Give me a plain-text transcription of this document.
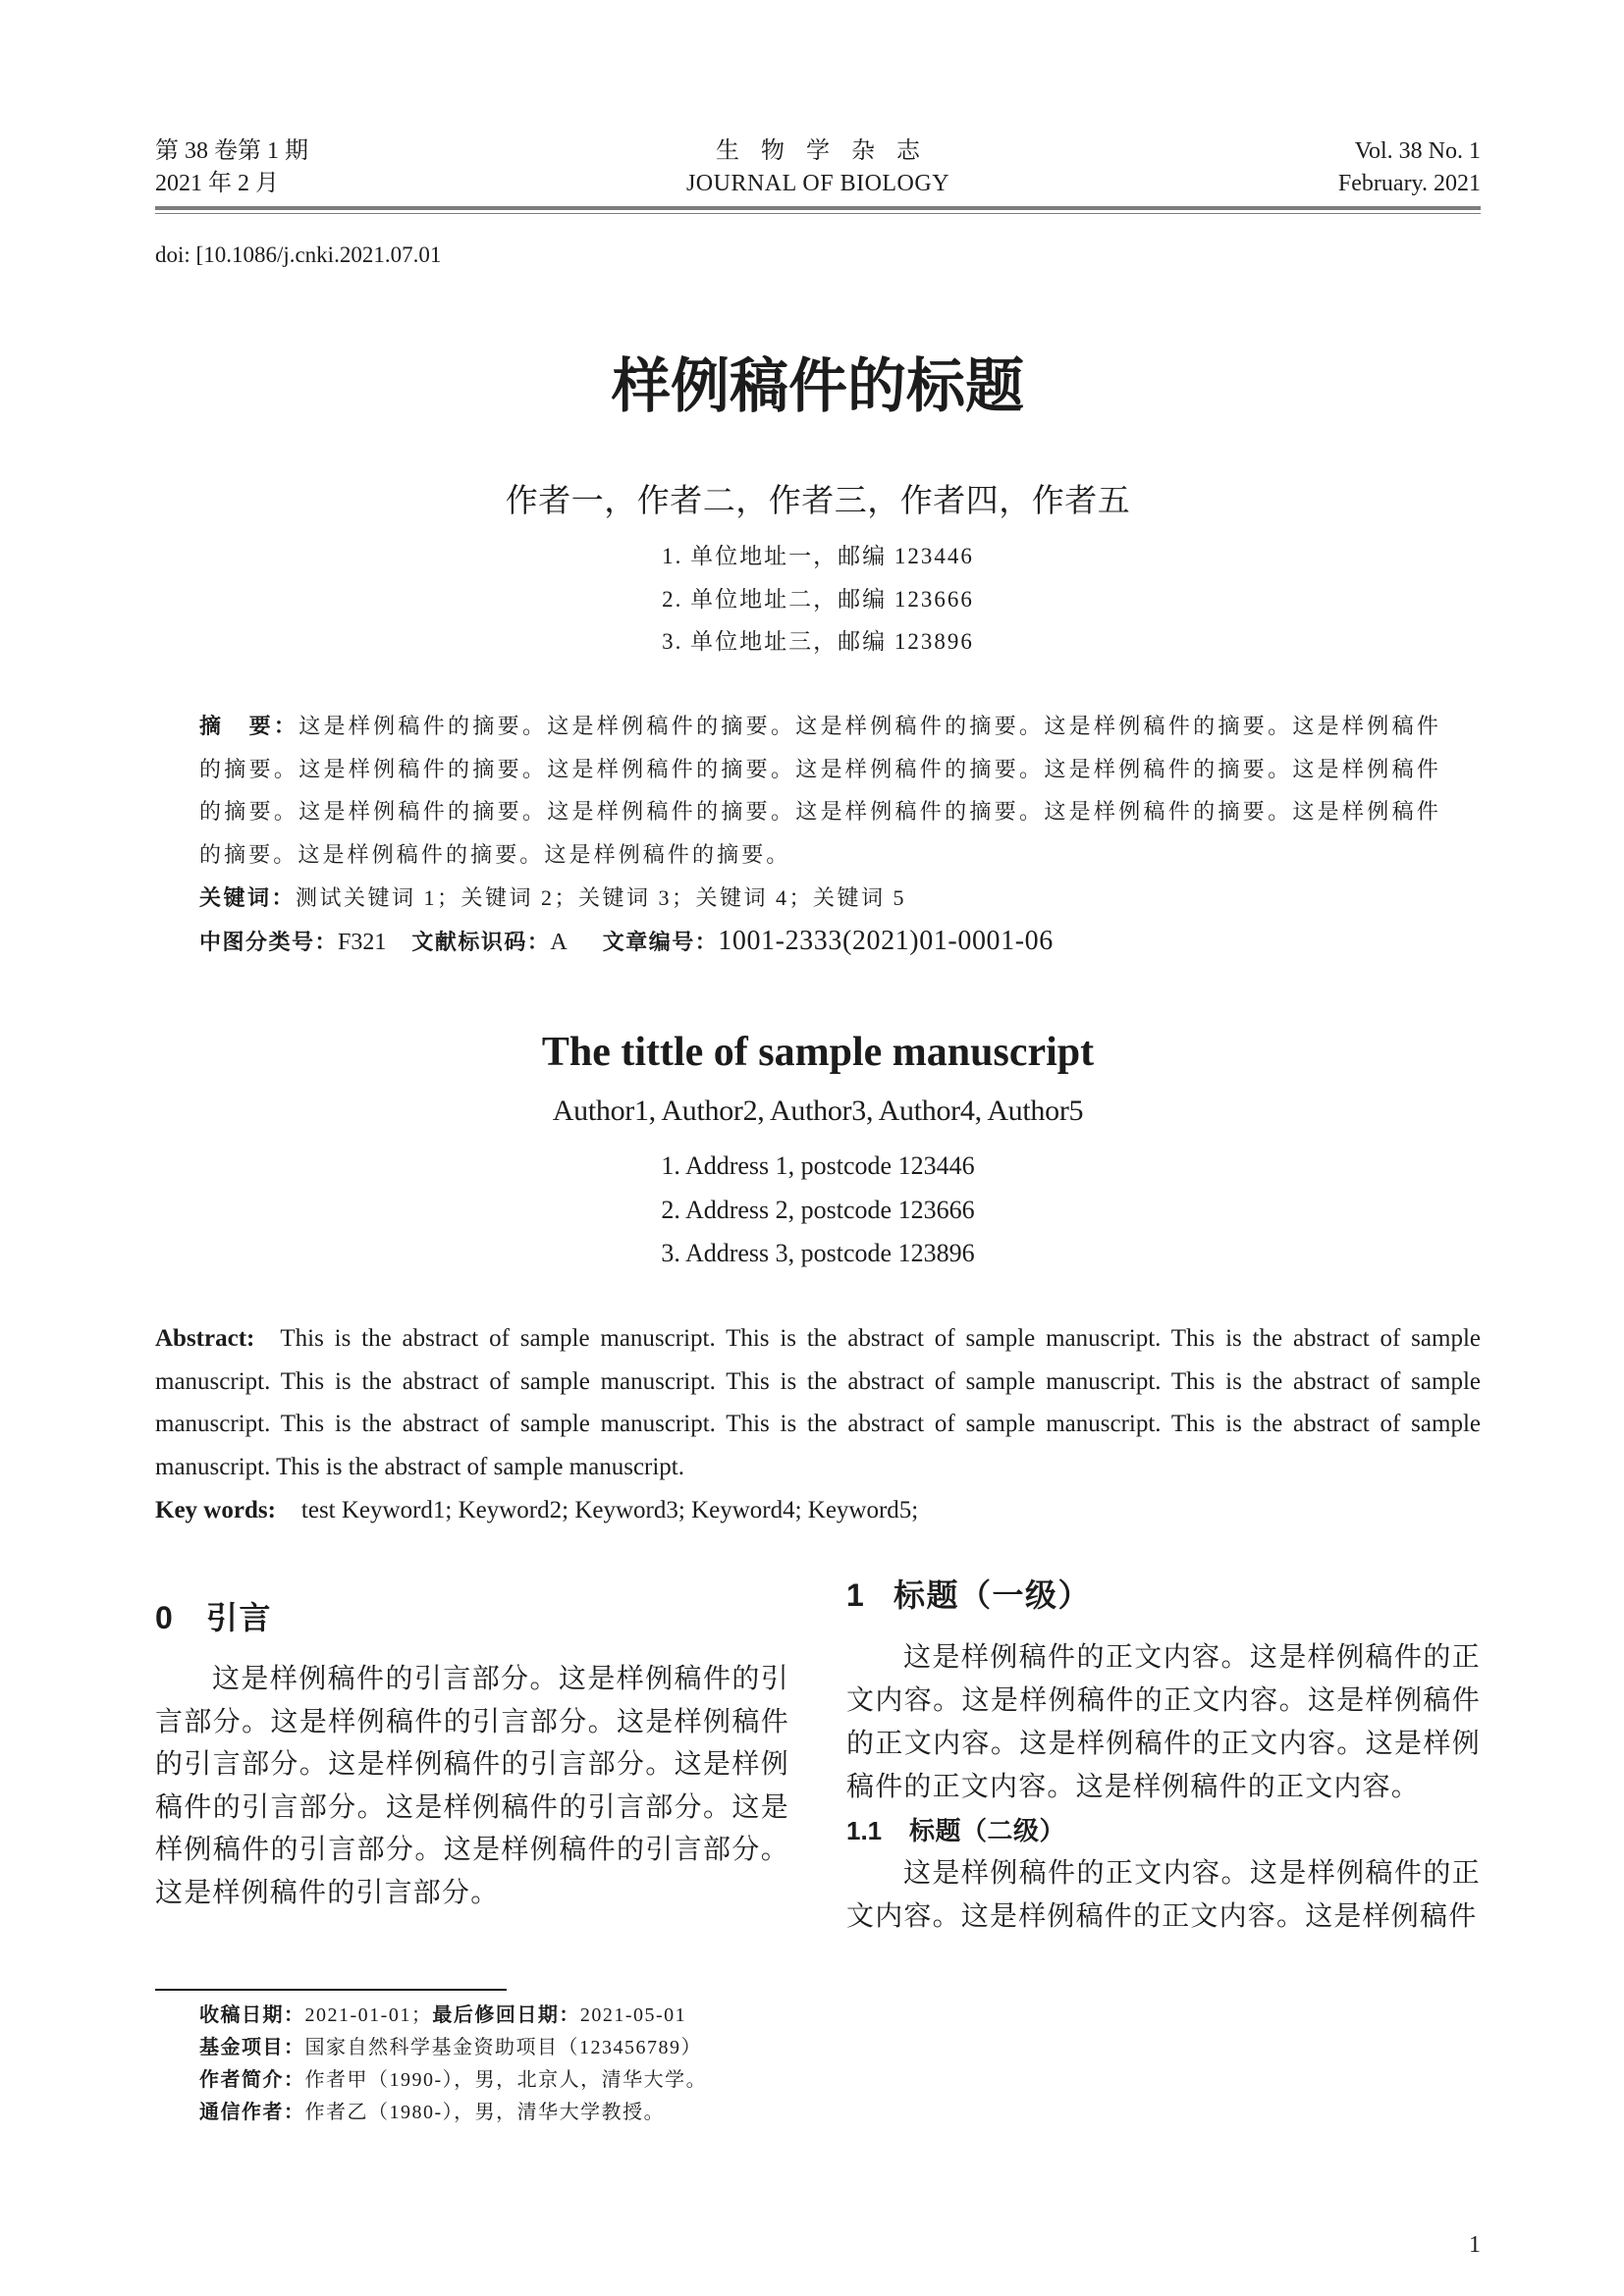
第 38 卷第 1 期
2021 年 2 月
生 物 学 杂 志
JOURNAL OF BIOLOGY
Vol. 38 No. 1
February. 2021
doi: [10.1086/j.cnki.2021.07.01
样例稿件的标题
作者一，作者二，作者三，作者四，作者五
1. 单位地址一，邮编 123446
2. 单位地址二，邮编 123666
3. 单位地址三，邮编 123896

摘　要：这是样例稿件的摘要。这是样例稿件的摘要。这是样例稿件的摘要。这是样例稿件的摘要。这是样例稿件的摘要。这是样例稿件的摘要。这是样例稿件的摘要。这是样例稿件的摘要。这是样例稿件的摘要。这是样例稿件的摘要。这是样例稿件的摘要。这是样例稿件的摘要。这是样例稿件的摘要。这是样例稿件的摘要。这是样例稿件的摘要。这是样例稿件的摘要。这是样例稿件的摘要。

关键词：测试关键词 1；关键词 2；关键词 3；关键词 4；关键词 5

中图分类号：F321 文献标识码：A 文章编号：1001-2333(2021)01-0001-06

The tittle of sample manuscript
Author1, Author2, Author3, Author4, Author5
1. Address 1, postcode 123446
2. Address 2, postcode 123666
3. Address 3, postcode 123896

Abstract: This is the abstract of sample manuscript. This is the abstract of sample manuscript. This is the abstract of sample manuscript. This is the abstract of sample manuscript. This is the abstract of sample manuscript. This is the abstract of sample manuscript. This is the abstract of sample manuscript. This is the abstract of sample manuscript. This is the abstract of sample manuscript. This is the abstract of sample manuscript.

Key words: test Keyword1; Keyword2; Keyword3; Keyword4; Keyword5;

0 引言

这是样例稿件的引言部分。这是样例稿件的引言部分。这是样例稿件的引言部分。这是样例稿件的引言部分。这是样例稿件的引言部分。这是样例稿件的引言部分。这是样例稿件的引言部分。这是样例稿件的引言部分。这是样例稿件的引言部分。这是样例稿件的引言部分。

1 标题（一级）

这是样例稿件的正文内容。这是样例稿件的正文内容。这是样例稿件的正文内容。这是样例稿件的正文内容。这是样例稿件的正文内容。这是样例稿件的正文内容。这是样例稿件的正文内容。

1.1 标题（二级）

这是样例稿件的正文内容。这是样例稿件的正文内容。这是样例稿件的正文内容。这是样例稿件

收稿日期：2021-01-01；最后修回日期：2021-05-01
基金项目：国家自然科学基金资助项目（123456789）
作者简介：作者甲（1990-），男，北京人，清华大学。
通信作者：作者乙（1980-），男，清华大学教授。
1
